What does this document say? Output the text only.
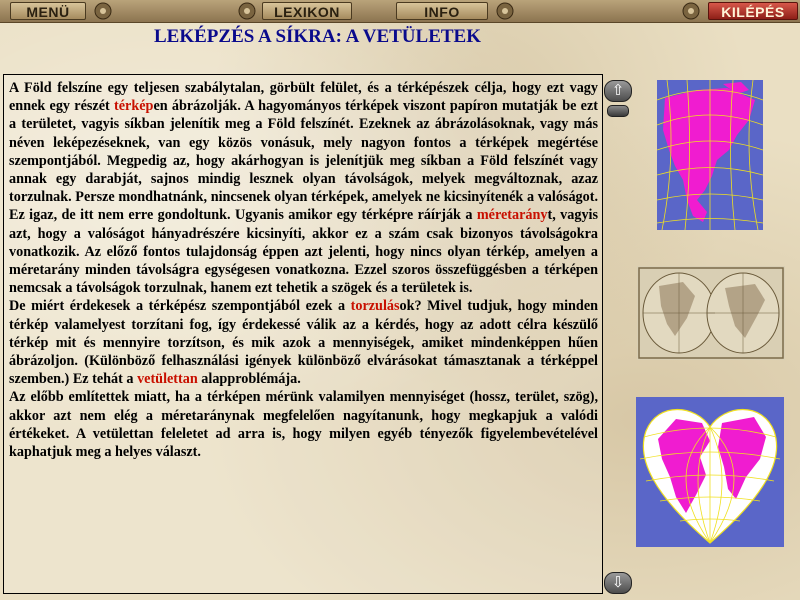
MENÜ	LEXIKON	INFO	KILÉPÉS
LEKÉPZÉS A SÍKRA: A VETÜLETEK

A Föld felszíne egy teljesen szabálytalan, görbült felület, és a térképészek célja, hogy ezt vagy ennek egy részét térképen ábrázolják. A hagyományos térképek viszont papíron mutatják be ezt a területet, vagyis síkban jelenítik meg a Föld felszínét. Ezeknek az ábrázolásoknak, vagy más néven leképezéseknek, van egy közös vonásuk, mely nagyon fontos a térképek megértése szempontjából. Megpedig az, hogy akárhogyan is jelenítjük meg síkban a Föld felszínét vagy annak egy darabját, sajnos mindig lesznek olyan távolságok, melyek megváltoznak, azaz torzulnak. Persze mondhatnánk, nincsenek olyan térképek, amelyek ne kicsinyítenék a valóságot. Ez igaz, de itt nem erre gondoltunk. Ugyanis amikor egy térképre ráírják a méretarányt, vagyis azt, hogy a valóságot hányadrészére kicsinyíti, akkor ez a szám csak bizonyos távolságokra vonatkozik. Az előző fontos tulajdonság éppen azt jelenti, hogy nincs olyan térkép, amelyen a méretarány minden távolságra egységesen vonatkozna. Ezzel szoros összefüggésben a térképen nemcsak a távolságok torzulnak, hanem ezt tehetik a szögek és a területek is.

De miért érdekesek a térképész szempontjából ezek a torzulások? Mivel tudjuk, hogy minden térkép valamelyest torzítani fog, így érdekessé válik az a kérdés, hogy az adott célra készülő térkép mit és mennyire torzítson, és mik azok a mennyiségek, amiket mindenképpen hűen ábrázoljon. (Különböző felhasználási igények különböző elvárásokat támasztanak a térképpel szemben.) Ez tehát a vetülettan alapproblémája.

Az előbb említettek miatt, ha a térképen mérünk valamilyen mennyiséget (hossz, terület, szög), akkor azt nem elég a méretaránynak megfelelően nagyítanunk, hogy megkapjuk a valódi értékeket. A vetülettan feleletet ad arra is, hogy milyen egyéb tényezők figyelembevételével kaphatjuk meg a helyes választ.

⇧
⇩
